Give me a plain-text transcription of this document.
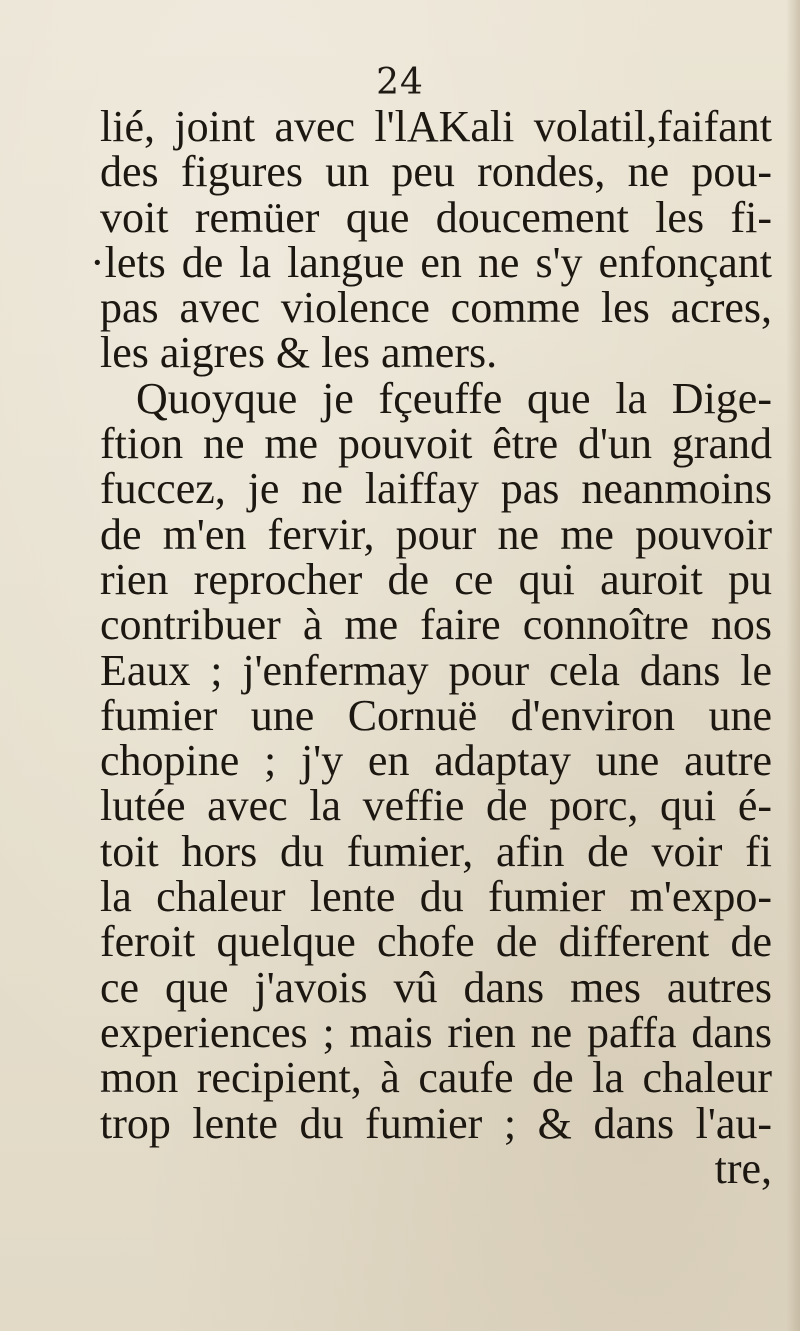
24
lié, joint avec l'lAKali volatil,faifant
des figures un peu rondes, ne pou-
voit remüer que doucement les fi-
·lets de la langue en ne s'y enfonçant
pas avec violence comme les acres,
les aigres & les amers.
Quoyque je fçeuffe que la Dige-
ftion ne me pouvoit être d'un grand
fuccez, je ne laiffay pas neanmoins
de m'en fervir, pour ne me pouvoir
rien reprocher de ce qui auroit pu
contribuer à me faire connoître nos
Eaux ; j'enfermay pour cela dans le
fumier une Cornuë d'environ une
chopine ; j'y en adaptay une autre
lutée avec la veffie de porc, qui é-
toit hors du fumier, afin de voir fi
la chaleur lente du fumier m'expo-
feroit quelque chofe de different de
ce que j'avois vû dans mes autres
experiences ; mais rien ne paffa dans
mon recipient, à caufe de la chaleur
trop lente du fumier ; & dans l'au-
tre,
